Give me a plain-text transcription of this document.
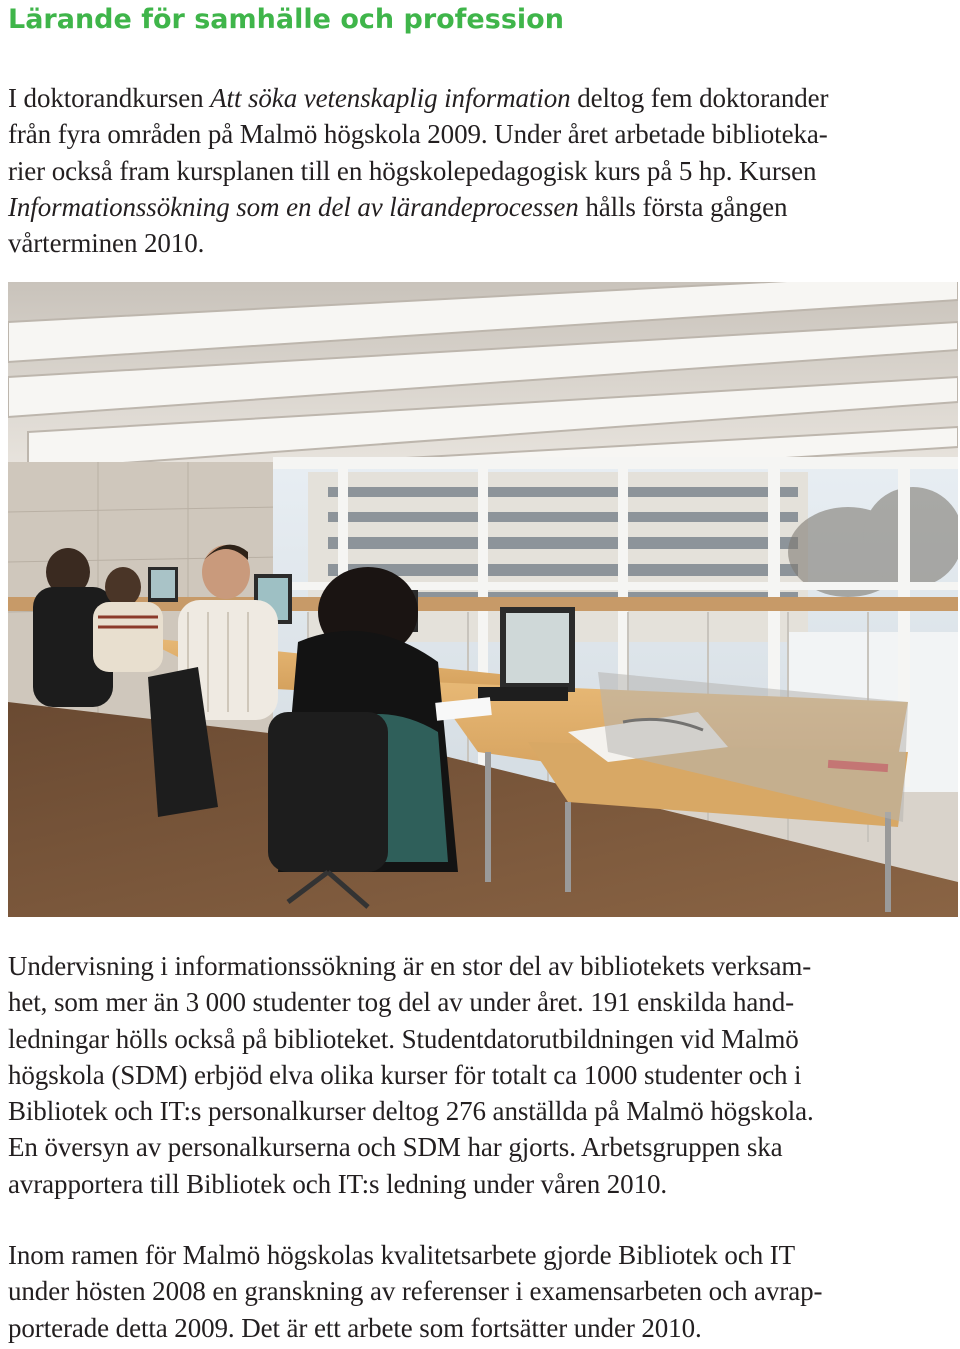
Lärande för samhälle och profession
I doktorandkursen Att söka vetenskaplig information deltog fem doktorander
från fyra områden på Malmö högskola 2009. Under året arbetade biblioteka-
rier också fram kursplanen till en högskolepedagogisk kurs på 5 hp. Kursen
Informationssökning som en del av lärandeprocessen hålls första gången
vårterminen 2010.
Undervisning i informationssökning är en stor del av bibliotekets verksam-
het, som mer än 3 000 studenter tog del av under året. 191 enskilda hand-
ledningar hölls också på biblioteket. Studentdatorutbildningen vid Malmö
högskola (SDM) erbjöd elva olika kurser för totalt ca 1000 studenter och i
Bibliotek och IT:s personalkurser deltog 276 anställda på Malmö högskola.
En översyn av personalkurserna och SDM har gjorts. Arbetsgruppen ska
avrapportera till Bibliotek och IT:s ledning under våren 2010.
Inom ramen för Malmö högskolas kvalitetsarbete gjorde Bibliotek och IT
under hösten 2008 en granskning av referenser i examensarbeten och avrap-
porterade detta 2009. Det är ett arbete som fortsätter under 2010.
